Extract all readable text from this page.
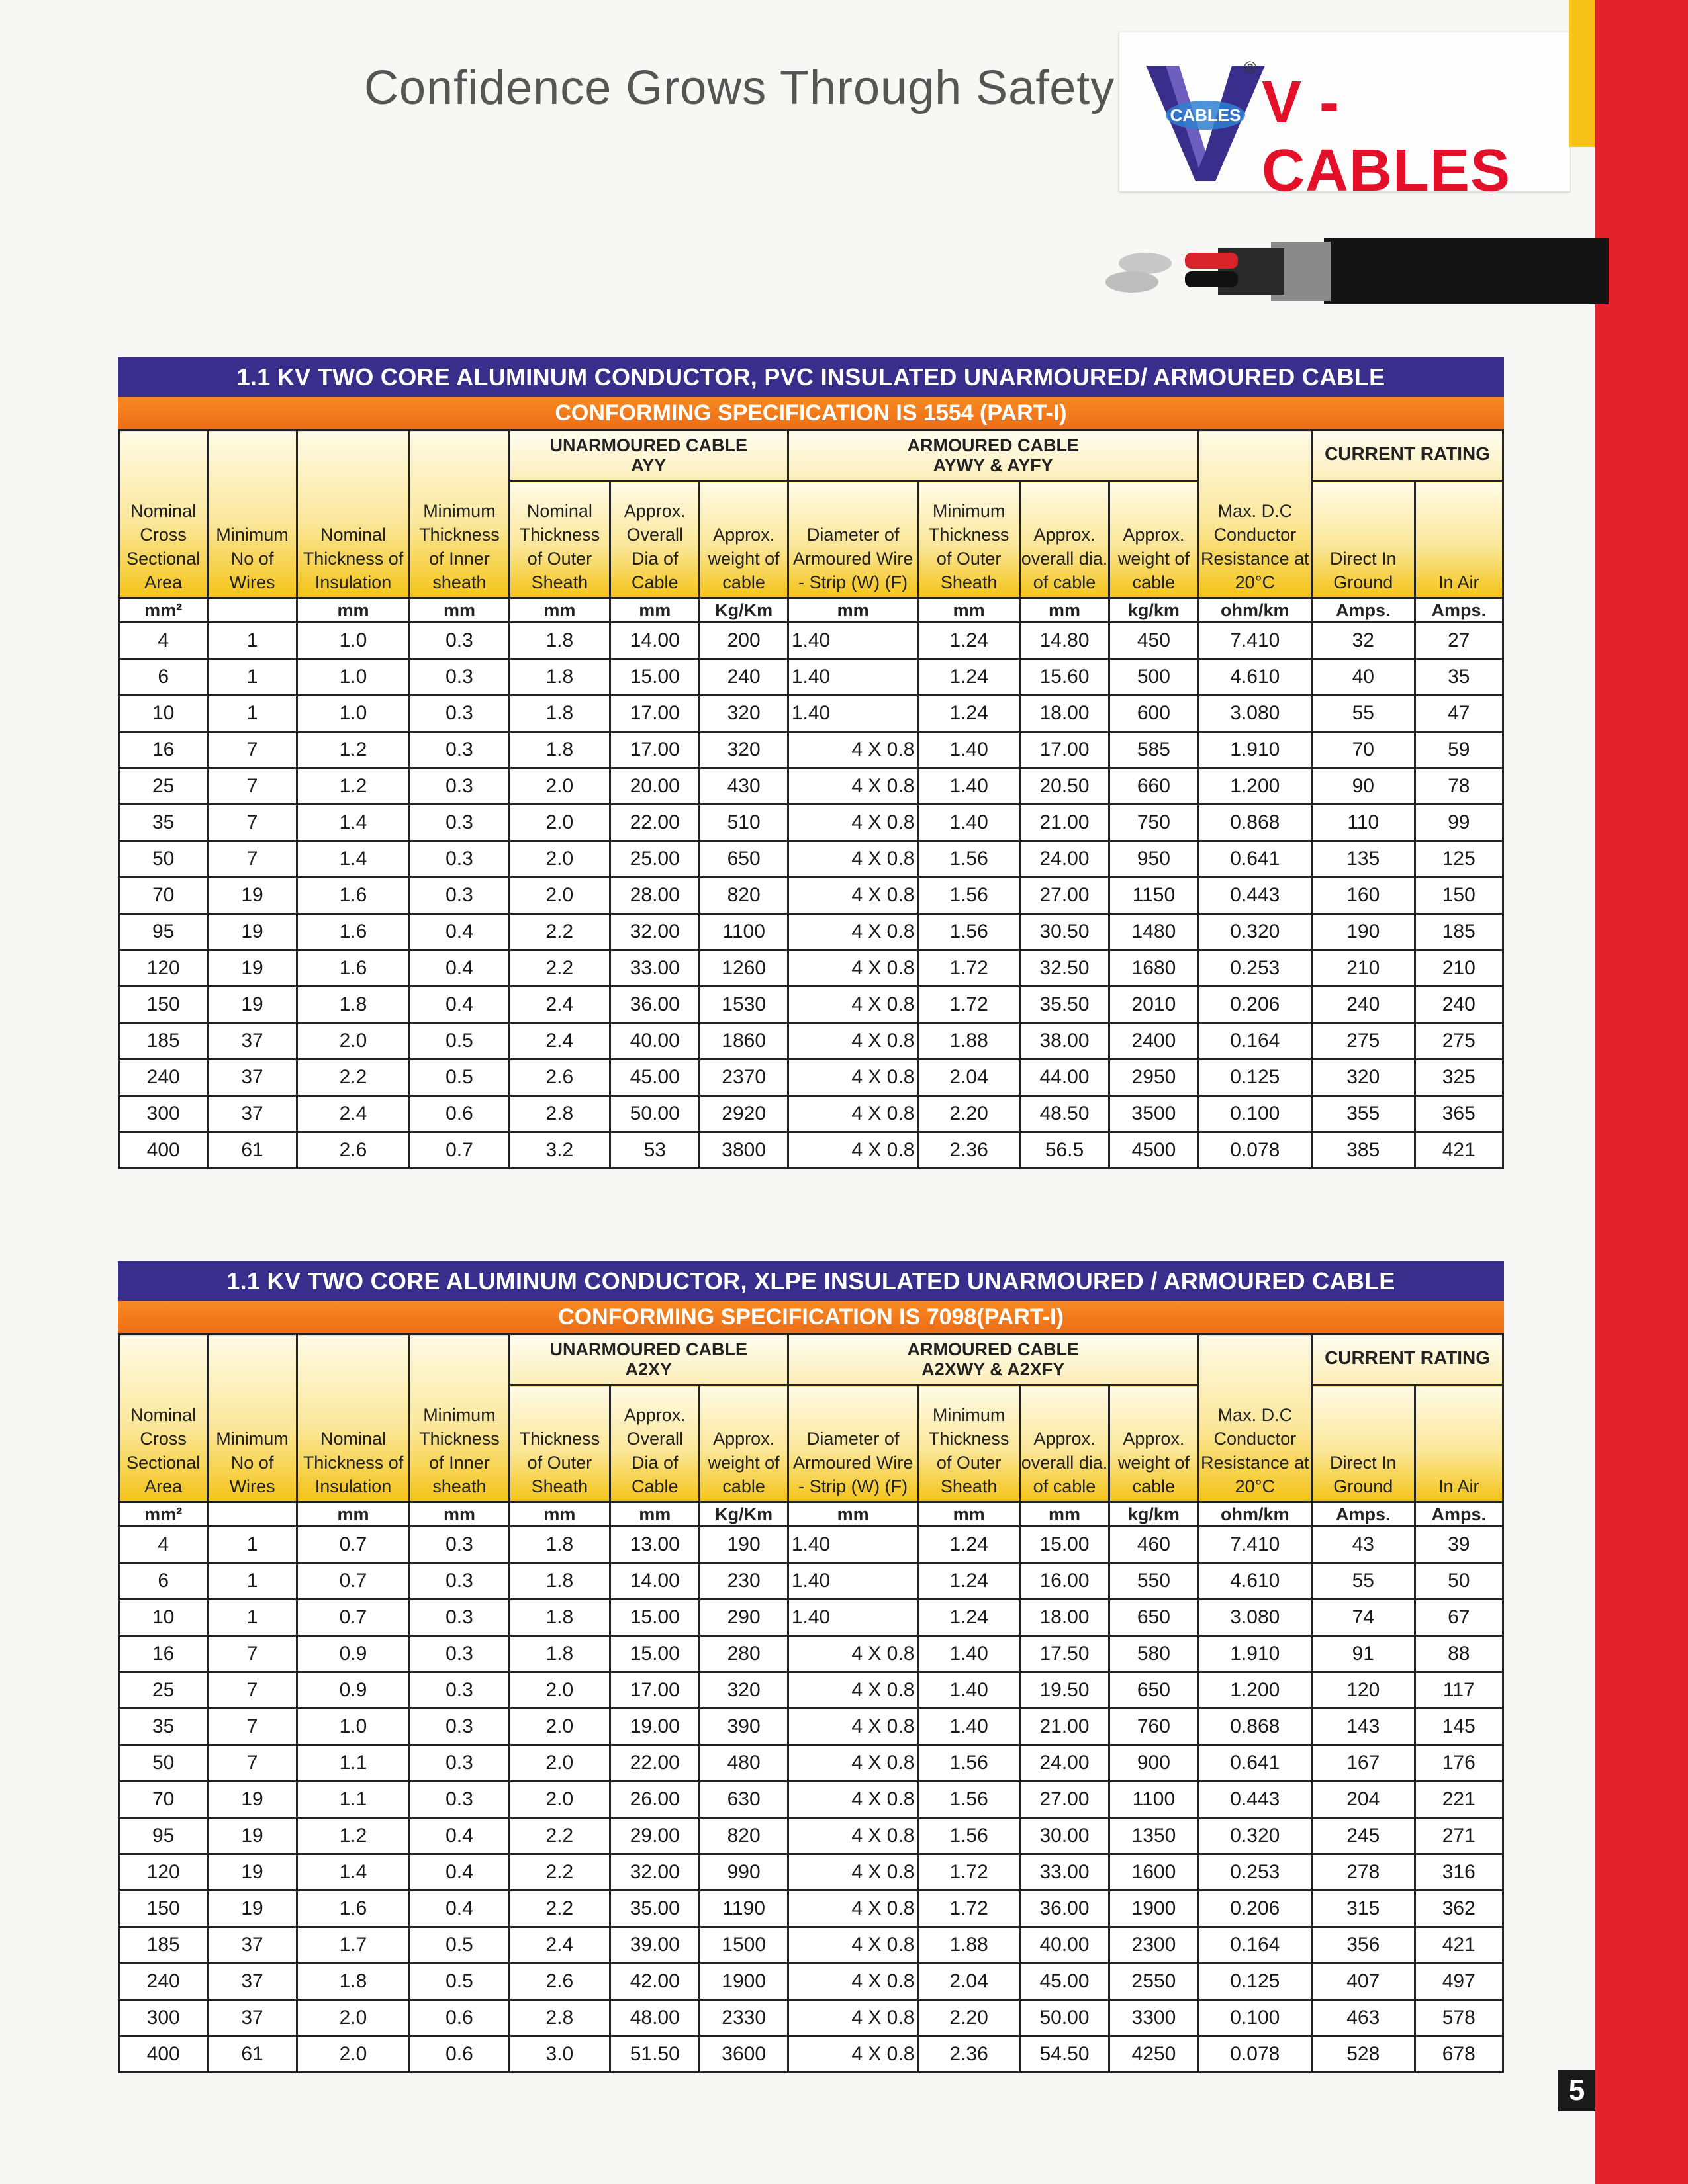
Confidence Grows Through Safety
CABLES
®
V - CABLES
1.1 KV TWO CORE ALUMINUM CONDUCTOR, PVC INSULATED UNARMOURED/ ARMOURED CABLE
CONFORMING SPECIFICATION IS 1554 (PART-I)
Nominal Cross Sectional Area	Minimum No of Wires	Nominal Thickness of Insulation	Minimum Thickness of Inner sheath	UNARMOURED CABLE
AYY			ARMOURED CABLE
AYWY & AYFY				Max. D.C Conductor Resistance at 20°C	CURRENT RATING	
				Nominal Thickness of Outer Sheath	Approx. Overall Dia of Cable	Approx. weight of cable	Diameter of Armoured Wire - Strip (W) (F)	Minimum Thickness of Outer Sheath	Approx. overall dia. of cable	Approx. weight of cable		Direct In Ground	In Air
mm²		mm	mm	mm	mm	Kg/Km	mm	mm	mm	kg/km	ohm/km	Amps.	Amps.
4	1	1.0	0.3	1.8	14.00	200	1.40	1.24	14.80	450	7.410	32	27
6	1	1.0	0.3	1.8	15.00	240	1.40	1.24	15.60	500	4.610	40	35
10	1	1.0	0.3	1.8	17.00	320	1.40	1.24	18.00	600	3.080	55	47
16	7	1.2	0.3	1.8	17.00	320	4 X 0.8	1.40	17.00	585	1.910	70	59
25	7	1.2	0.3	2.0	20.00	430	4 X 0.8	1.40	20.50	660	1.200	90	78
35	7	1.4	0.3	2.0	22.00	510	4 X 0.8	1.40	21.00	750	0.868	110	99
50	7	1.4	0.3	2.0	25.00	650	4 X 0.8	1.56	24.00	950	0.641	135	125
70	19	1.6	0.3	2.0	28.00	820	4 X 0.8	1.56	27.00	1150	0.443	160	150
95	19	1.6	0.4	2.2	32.00	1100	4 X 0.8	1.56	30.50	1480	0.320	190	185
120	19	1.6	0.4	2.2	33.00	1260	4 X 0.8	1.72	32.50	1680	0.253	210	210
150	19	1.8	0.4	2.4	36.00	1530	4 X 0.8	1.72	35.50	2010	0.206	240	240
185	37	2.0	0.5	2.4	40.00	1860	4 X 0.8	1.88	38.00	2400	0.164	275	275
240	37	2.2	0.5	2.6	45.00	2370	4 X 0.8	2.04	44.00	2950	0.125	320	325
300	37	2.4	0.6	2.8	50.00	2920	4 X 0.8	2.20	48.50	3500	0.100	355	365
400	61	2.6	0.7	3.2	53	3800	4 X 0.8	2.36	56.5	4500	0.078	385	421
1.1 KV TWO CORE ALUMINUM CONDUCTOR, XLPE INSULATED UNARMOURED / ARMOURED CABLE
CONFORMING SPECIFICATION IS 7098(PART-I)
Nominal Cross Sectional Area	Minimum No of Wires	Nominal Thickness of Insulation	Minimum Thickness of Inner sheath	UNARMOURED CABLE
A2XY			ARMOURED CABLE
A2XWY & A2XFY				Max. D.C Conductor Resistance at 20°C	CURRENT RATING	
				Thickness of Outer Sheath	Approx. Overall Dia of Cable	Approx. weight of cable	Diameter of Armoured Wire - Strip (W) (F)	Minimum Thickness of Outer Sheath	Approx. overall dia. of cable	Approx. weight of cable		Direct In Ground	In Air
mm²		mm	mm	mm	mm	Kg/Km	mm	mm	mm	kg/km	ohm/km	Amps.	Amps.
4	1	0.7	0.3	1.8	13.00	190	1.40	1.24	15.00	460	7.410	43	39
6	1	0.7	0.3	1.8	14.00	230	1.40	1.24	16.00	550	4.610	55	50
10	1	0.7	0.3	1.8	15.00	290	1.40	1.24	18.00	650	3.080	74	67
16	7	0.9	0.3	1.8	15.00	280	4 X 0.8	1.40	17.50	580	1.910	91	88
25	7	0.9	0.3	2.0	17.00	320	4 X 0.8	1.40	19.50	650	1.200	120	117
35	7	1.0	0.3	2.0	19.00	390	4 X 0.8	1.40	21.00	760	0.868	143	145
50	7	1.1	0.3	2.0	22.00	480	4 X 0.8	1.56	24.00	900	0.641	167	176
70	19	1.1	0.3	2.0	26.00	630	4 X 0.8	1.56	27.00	1100	0.443	204	221
95	19	1.2	0.4	2.2	29.00	820	4 X 0.8	1.56	30.00	1350	0.320	245	271
120	19	1.4	0.4	2.2	32.00	990	4 X 0.8	1.72	33.00	1600	0.253	278	316
150	19	1.6	0.4	2.2	35.00	1190	4 X 0.8	1.72	36.00	1900	0.206	315	362
185	37	1.7	0.5	2.4	39.00	1500	4 X 0.8	1.88	40.00	2300	0.164	356	421
240	37	1.8	0.5	2.6	42.00	1900	4 X 0.8	2.04	45.00	2550	0.125	407	497
300	37	2.0	0.6	2.8	48.00	2330	4 X 0.8	2.20	50.00	3300	0.100	463	578
400	61	2.0	0.6	3.0	51.50	3600	4 X 0.8	2.36	54.50	4250	0.078	528	678
5
